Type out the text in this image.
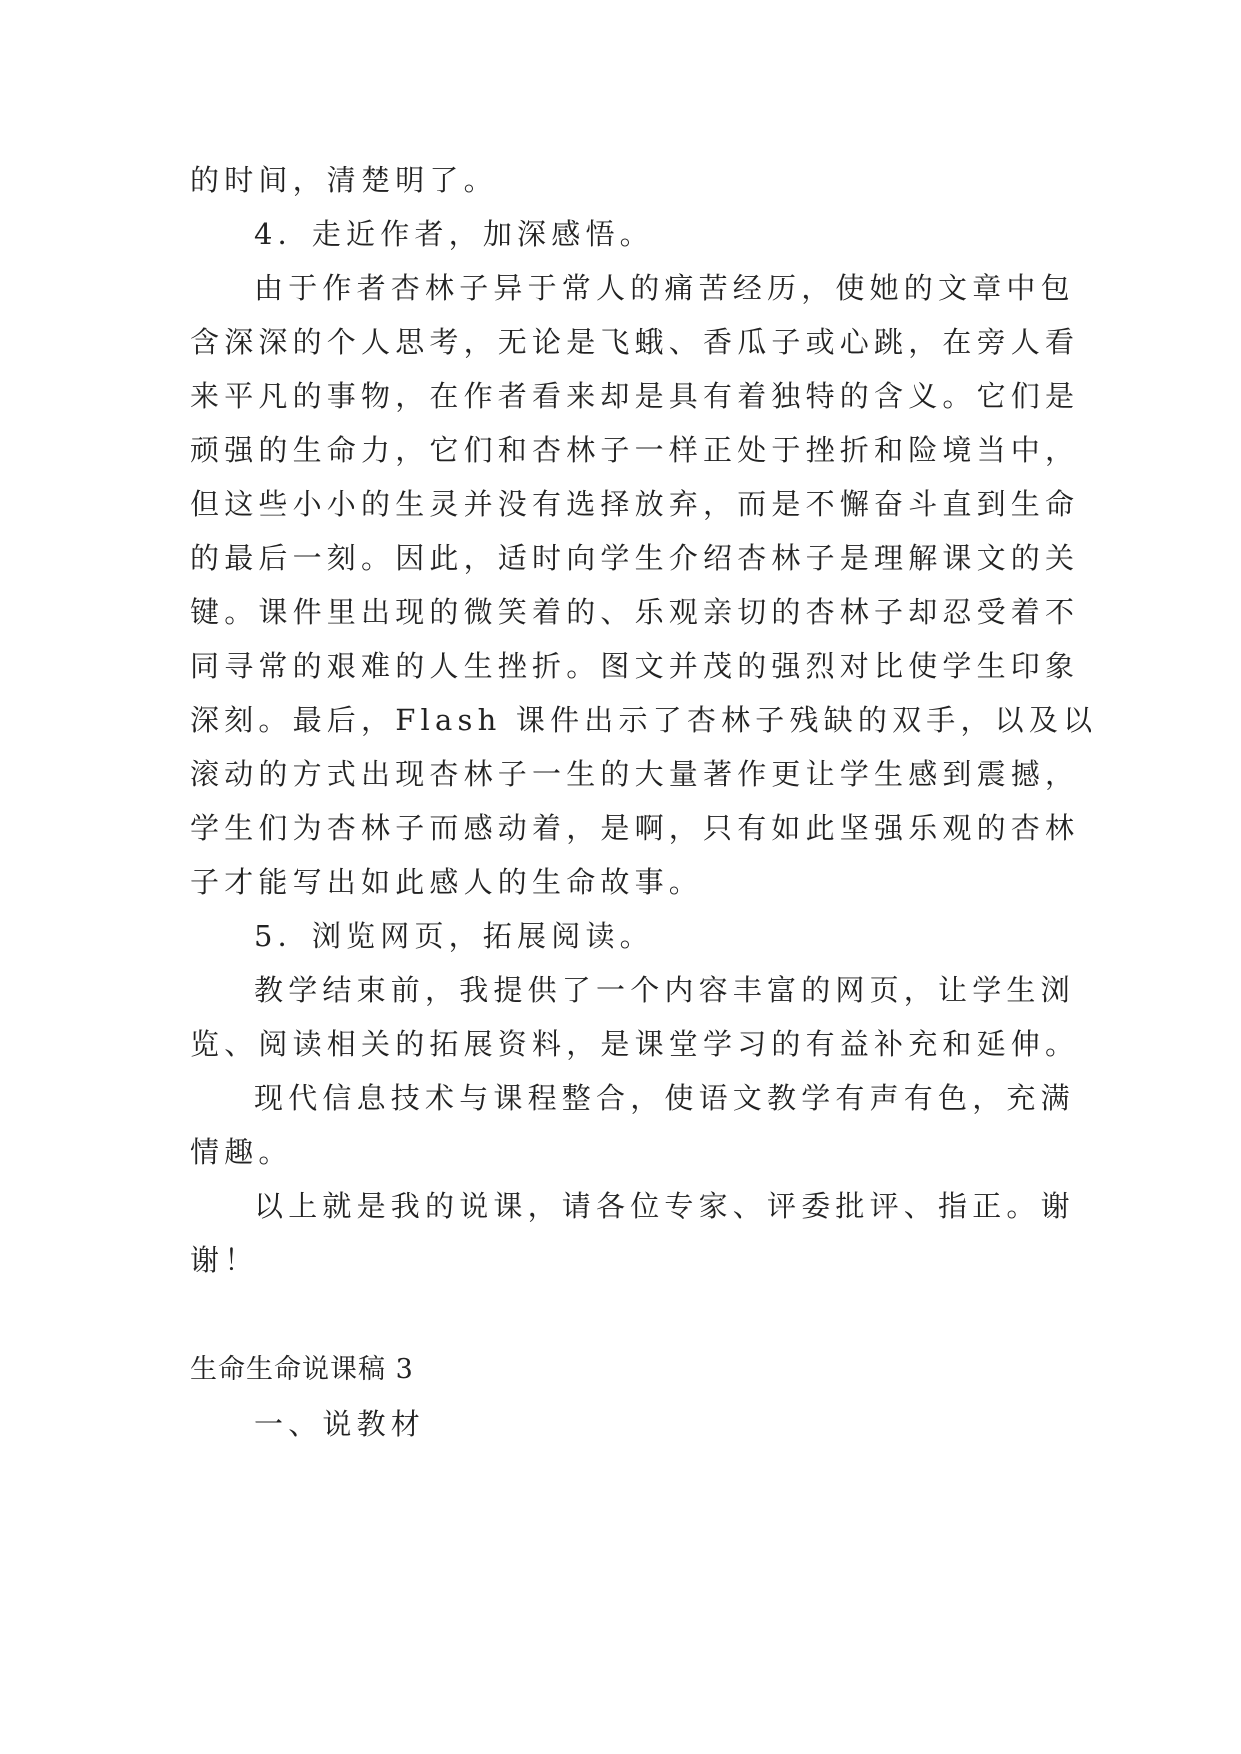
的时间，清楚明了。
4．走近作者，加深感悟。
由于作者杏林子异于常人的痛苦经历，使她的文章中包
含深深的个人思考，无论是飞蛾、香瓜子或心跳，在旁人看
来平凡的事物，在作者看来却是具有着独特的含义。它们是
顽强的生命力，它们和杏林子一样正处于挫折和险境当中，
但这些小小的生灵并没有选择放弃，而是不懈奋斗直到生命
的最后一刻。因此，适时向学生介绍杏林子是理解课文的关
键。课件里出现的微笑着的、乐观亲切的杏林子却忍受着不
同寻常的艰难的人生挫折。图文并茂的强烈对比使学生印象
深刻。最后，Flash 课件出示了杏林子残缺的双手，以及以
滚动的方式出现杏林子一生的大量著作更让学生感到震撼，
学生们为杏林子而感动着，是啊，只有如此坚强乐观的杏林
子才能写出如此感人的生命故事。
5．浏览网页，拓展阅读。
教学结束前，我提供了一个内容丰富的网页，让学生浏
览、阅读相关的拓展资料，是课堂学习的有益补充和延伸。
现代信息技术与课程整合，使语文教学有声有色，充满
情趣。
以上就是我的说课，请各位专家、评委批评、指正。谢
谢！
生命生命说课稿 3
一、说教材
